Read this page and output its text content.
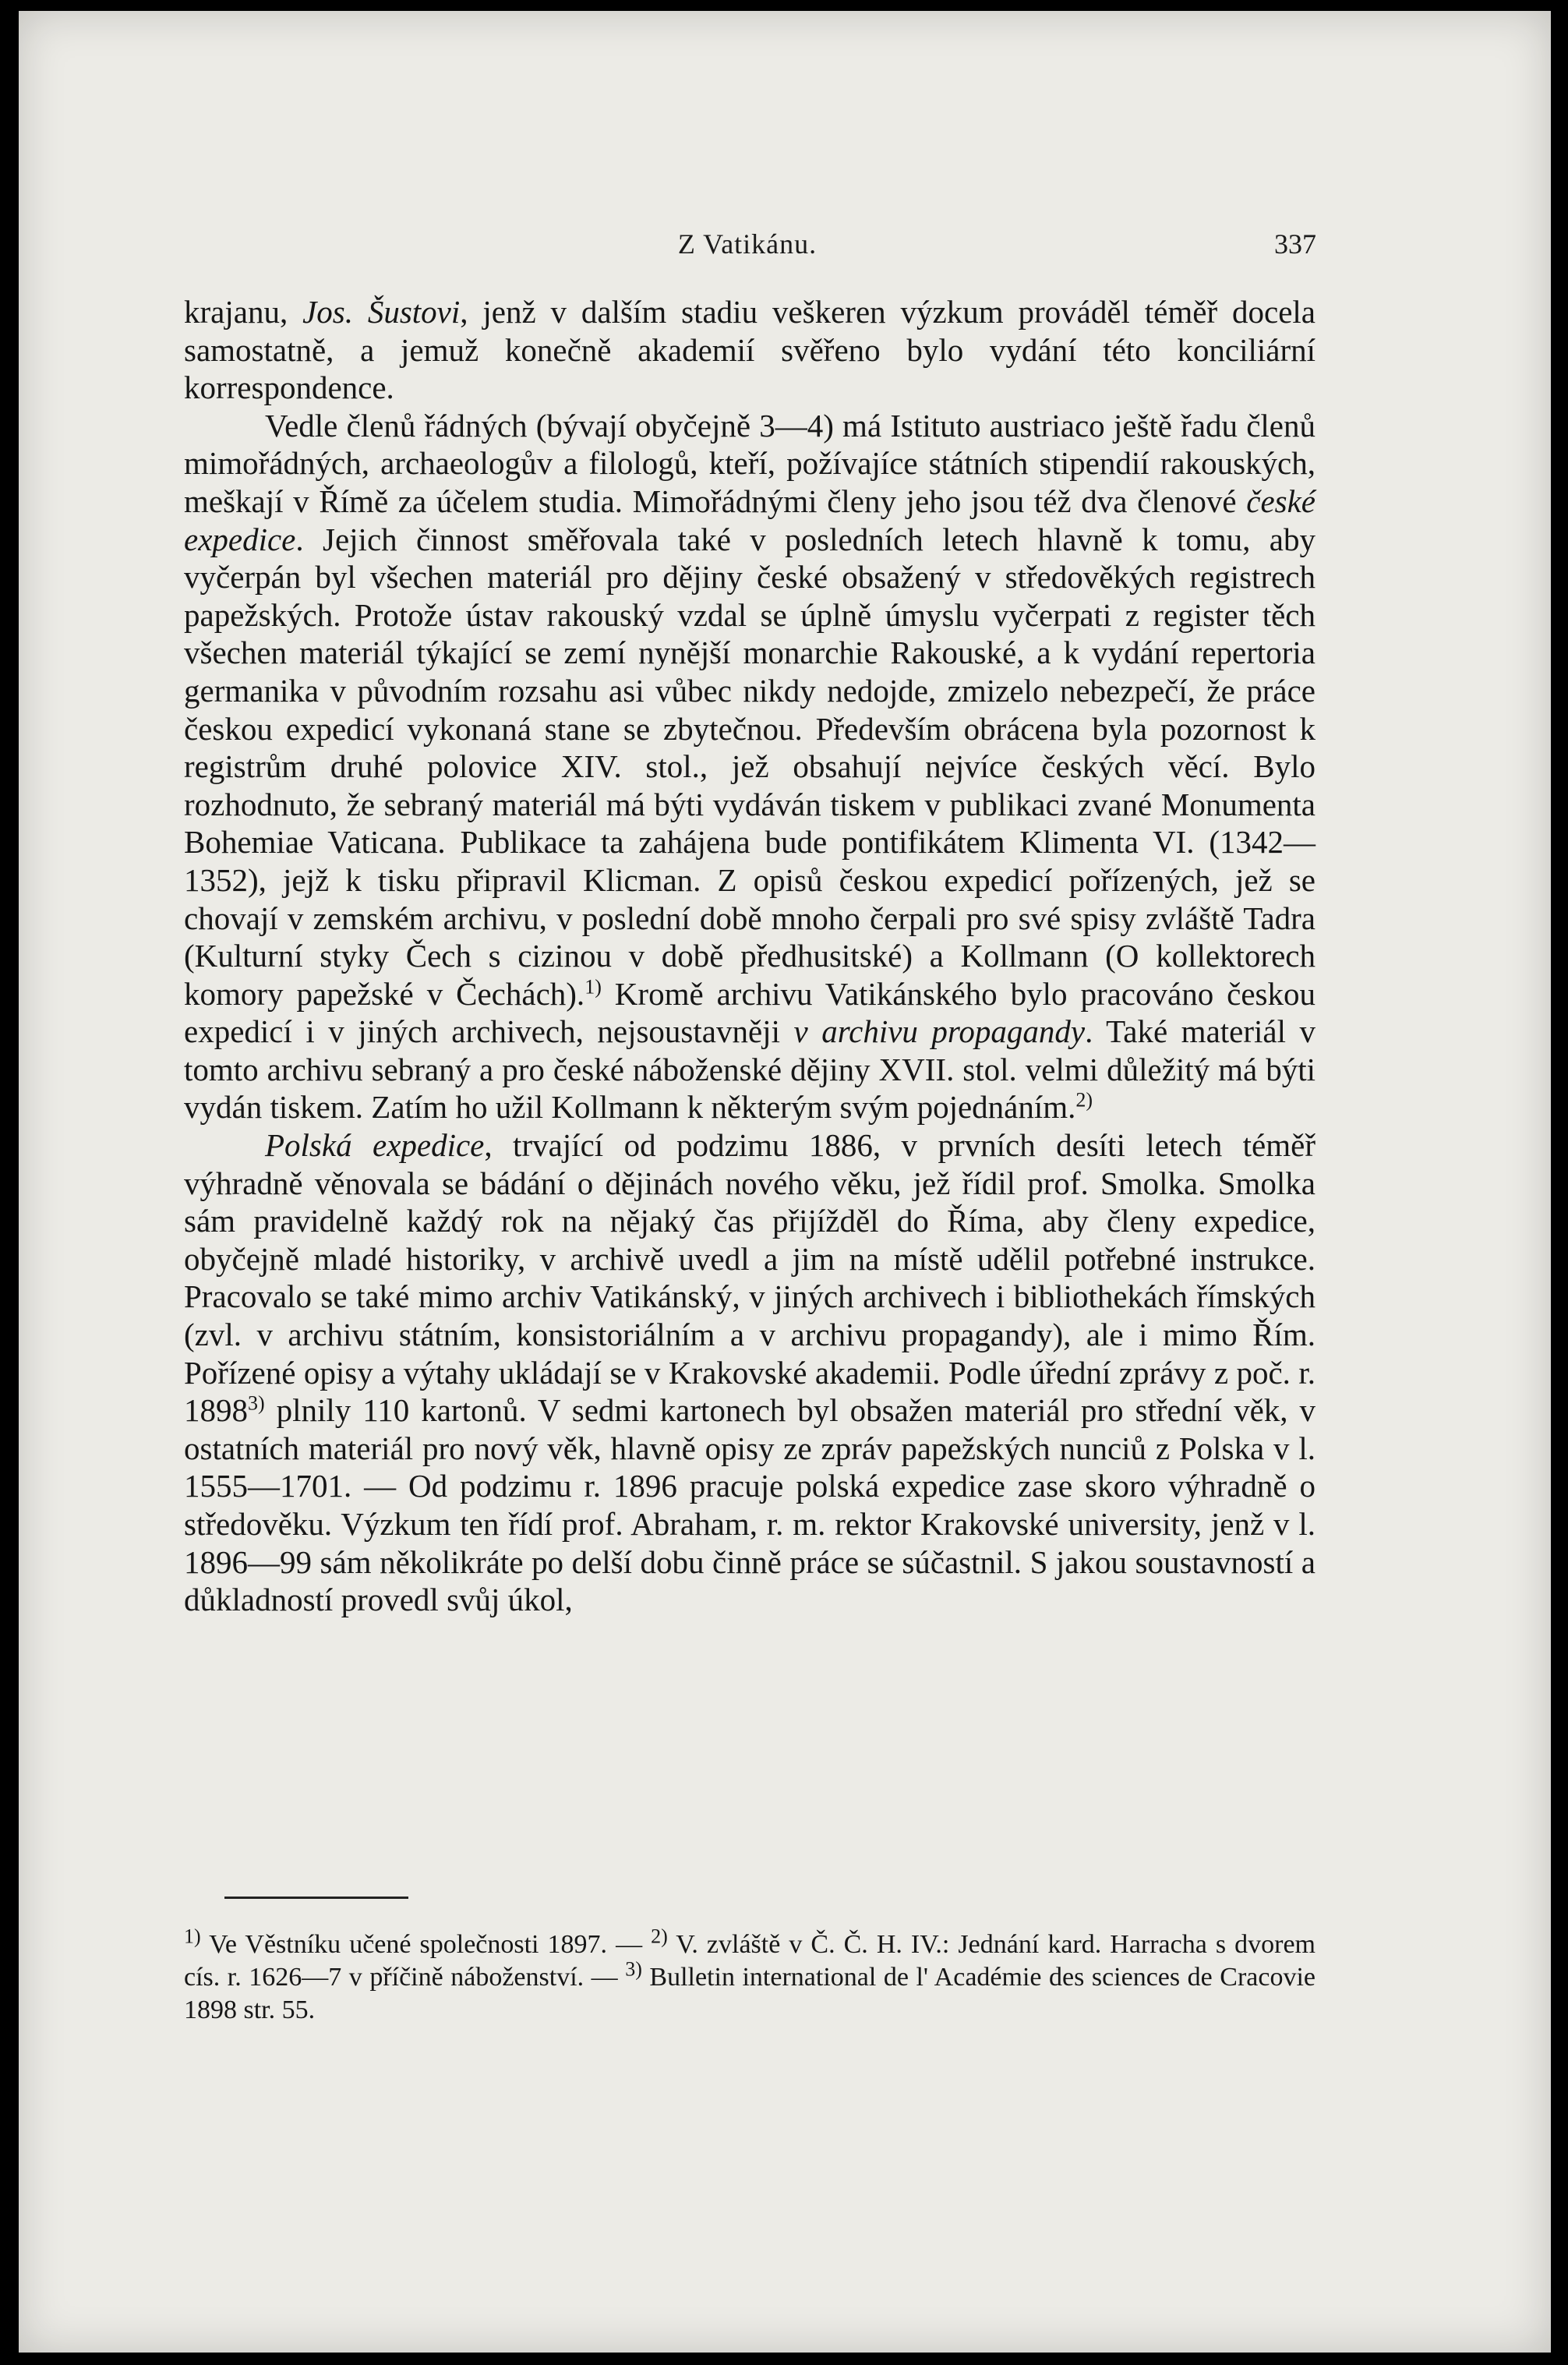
Z Vatikánu.	337

krajanu, Jos. Šustovi, jenž v dalším stadiu veškeren výzkum prováděl téměř docela samostatně, a jemuž konečně akademií svěřeno bylo vydání této konciliární korrespondence.

Vedle členů řádných (bývají obyčejně 3—4) má Istituto austriaco ještě řadu členů mimořádných, archaeologův a filologů, kteří, požívajíce státních stipendií rakouských, meškají v Římě za účelem studia. Mimořádnými členy jeho jsou též dva členové české expedice. Jejich činnost směřovala také v posledních letech hlavně k tomu, aby vyčerpán byl všechen materiál pro dějiny české obsažený v středověkých registrech papežských. Protože ústav rakouský vzdal se úplně úmyslu vyčerpati z register těch všechen materiál týkající se zemí nynější monarchie Rakouské, a k vydání repertoria germanika v původním rozsahu asi vůbec nikdy nedojde, zmizelo nebezpečí, že práce českou expedicí vykonaná stane se zbytečnou. Především obrácena byla pozornost k registrům druhé polovice XIV. stol., jež obsahují nejvíce českých věcí. Bylo rozhodnuto, že sebraný materiál má býti vydáván tiskem v publikaci zvané Monumenta Bohemiae Vaticana. Publikace ta zahájena bude pontifikátem Klimenta VI. (1342—1352), jejž k tisku připravil Klicman. Z opisů českou expedicí pořízených, jež se chovají v zemském archivu, v poslední době mnoho čerpali pro své spisy zvláště Tadra (Kulturní styky Čech s cizinou v době předhusitské) a Kollmann (O kollektorech komory papežské v Čechách).$^{1)}$ Kromě archivu Vatikánského bylo pracováno českou expedicí i v jiných archivech, nejsoustavněji v archivu propagandy. Také materiál v tomto archivu sebraný a pro české náboženské dějiny XVII. stol. velmi důležitý má býti vydán tiskem. Zatím ho užil Kollmann k některým svým pojednáním.$^{2)}$

Polská expedice, trvající od podzimu 1886, v prvních desíti letech téměř výhradně věnovala se bádání o dějinách nového věku, jež řídil prof. Smolka. Smolka sám pravidelně každý rok na nějaký čas přijížděl do Říma, aby členy expedice, obyčejně mladé historiky, v archivě uvedl a jim na místě udělil potřebné instrukce. Pracovalo se také mimo archiv Vatikánský, v jiných archivech i bibliothekách římských (zvl. v archivu státním, konsistoriálním a v archivu propagandy), ale i mimo Řím. Pořízené opisy a výtahy ukládají se v Krakovské akademii. Podle úřední zprávy z poč. r. 1898$^{3)}$ plnily 110 kartonů. V sedmi kartonech byl obsažen materiál pro střední věk, v ostatních materiál pro nový věk, hlavně opisy ze zpráv papežských nunciů z Polska v l. 1555—1701. — Od podzimu r. 1896 pracuje polská expedice zase skoro výhradně o středověku. Výzkum ten řídí prof. Abraham, r. m. rektor Krakovské university, jenž v l. 1896—99 sám několikráte po delší dobu činně práce se súčastnil. S jakou soustavností a důkladností provedl svůj úkol,

$^{1)}$ Ve Věstníku učené společnosti 1897. — $^{2)}$ V. zvláště v Č. Č. H. IV.: Jednání kard. Harracha s dvorem cís. r. 1626—7 v příčině náboženství. — $^{3)}$ Bulletin international de l' Académie des sciences de Cracovie 1898 str. 55.
